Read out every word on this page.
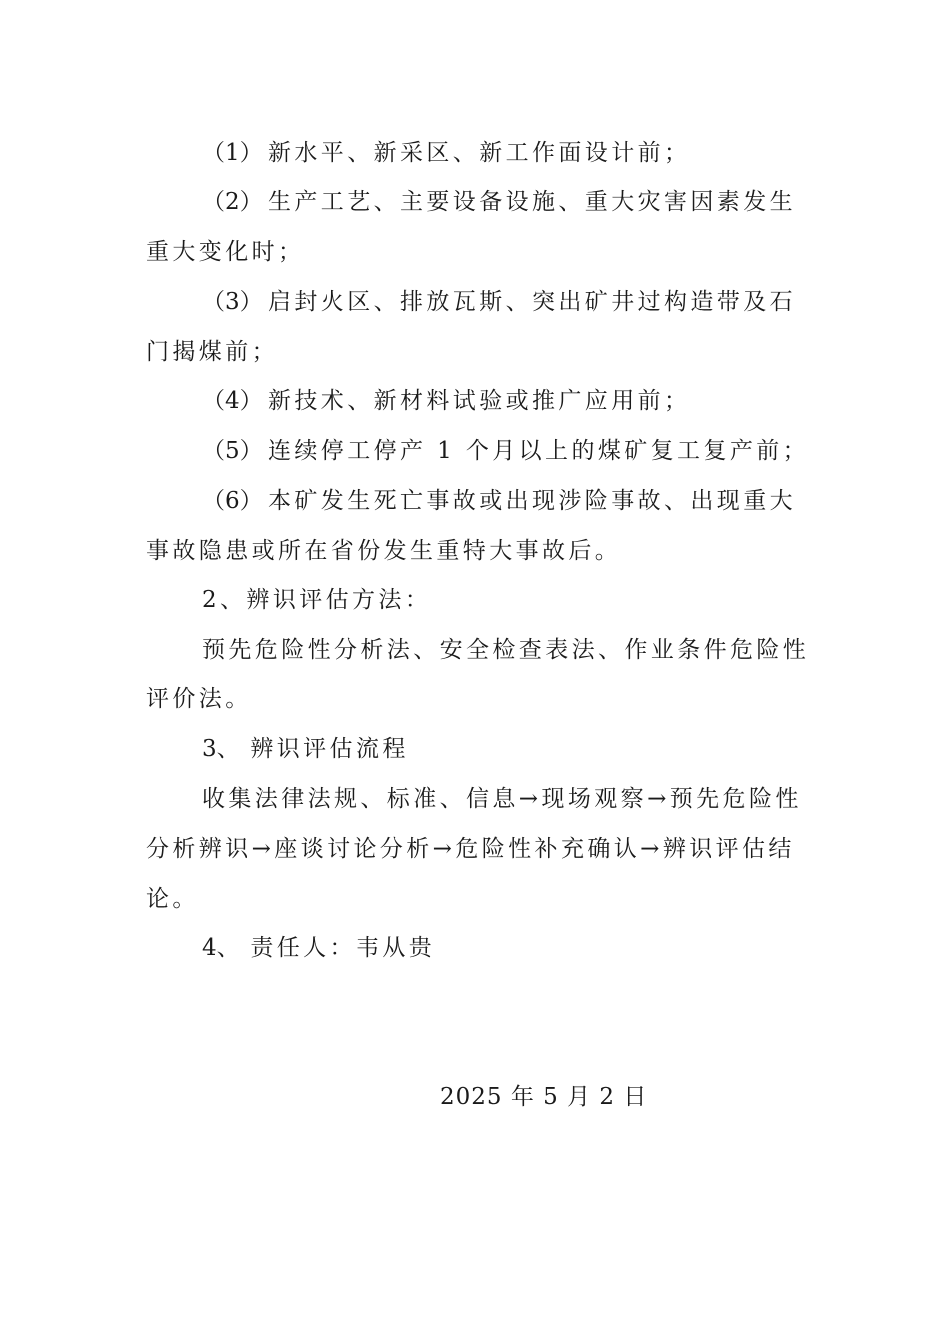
（1） 新水平、新采区、新工作面设计前；
（2） 生产工艺、主要设备设施、重大灾害因素发生
重大变化时；
（3） 启封火区、排放瓦斯、突出矿井过构造带及石
门揭煤前；
（4） 新技术、新材料试验或推广应用前；
（5） 连续停工停产 1 个月以上的煤矿复工复产前；
（6） 本矿发生死亡事故或出现涉险事故、出现重大
事故隐患或所在省份发生重特大事故后。
2、辨识评估方法：
预先危险性分析法、安全检查表法、作业条件危险性
评价法。
3、 辨识评估流程
收集法律法规、标准、信息→现场观察→预先危险性
分析辨识→座谈讨论分析→危险性补充确认→辨识评估结
论。
4、 责任人：韦从贵
2025 年 5 月 2 日
